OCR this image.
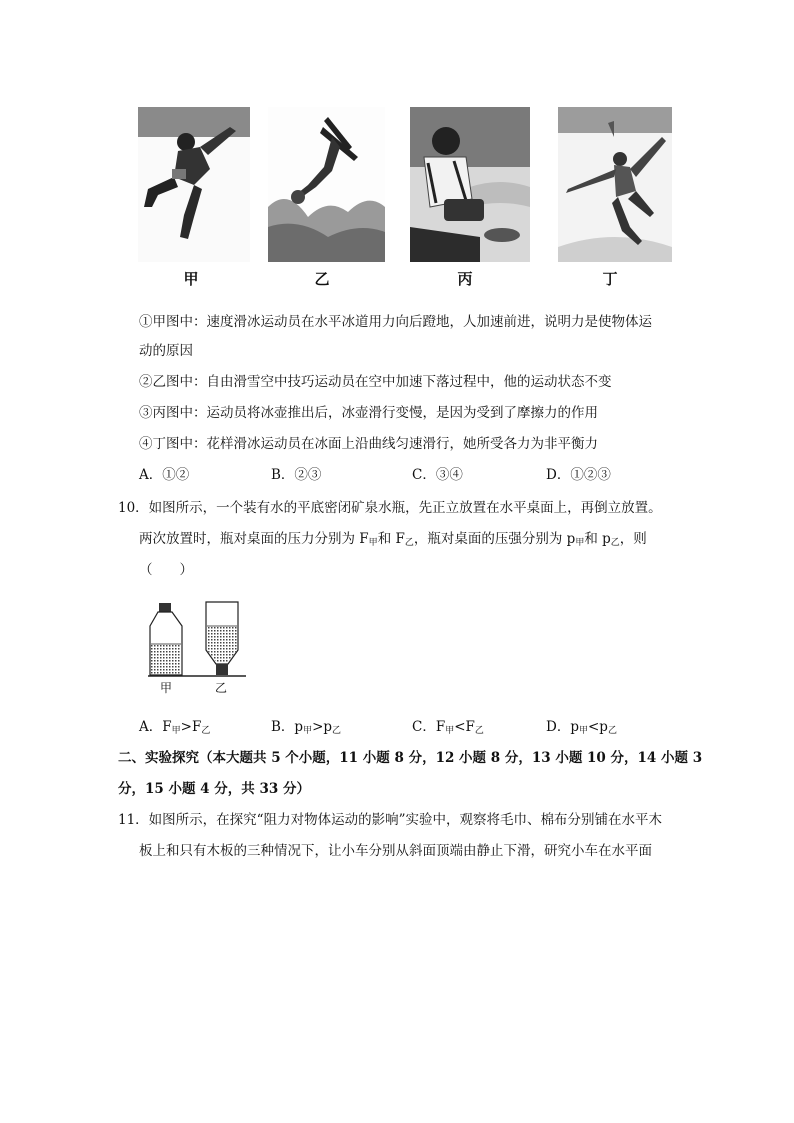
甲	乙	丙	丁
①甲图中：速度滑冰运动员在水平冰道用力向后蹬地，人加速前进，说明力是使物体运
动的原因
②乙图中：自由滑雪空中技巧运动员在空中加速下落过程中，他的运动状态不变
③丙图中：运动员将冰壶推出后，冰壶滑行变慢，是因为受到了摩擦力的作用
④丁图中：花样滑冰运动员在冰面上沿曲线匀速滑行，她所受各力为非平衡力
A．①②	B．②③	C．③④	D．①②③
10．如图所示，一个装有水的平底密闭矿泉水瓶，先正立放置在水平桌面上，再倒立放置。
两次放置时，瓶对桌面的压力分别为 $F_甲$和 $F_乙$，瓶对桌面的压强分别为 $p_甲$和 $p_乙$，则
（　　）
甲	乙
A．$F_甲>F_乙$	B．$p_甲>p_乙$	C．$F_甲<F_乙$	D．$p_甲<p_乙$
二、实验探究（本大题共 5 个小题，11 小题 8 分，12 小题 8 分，13 小题 10 分，14 小题 3
分，15 小题 4 分，共 33 分）
11．如图所示，在探究“阻力对物体运动的影响”实验中，观察将毛巾、棉布分别铺在水平木
板上和只有木板的三种情况下，让小车分别从斜面顶端由静止下滑，研究小车在水平面
